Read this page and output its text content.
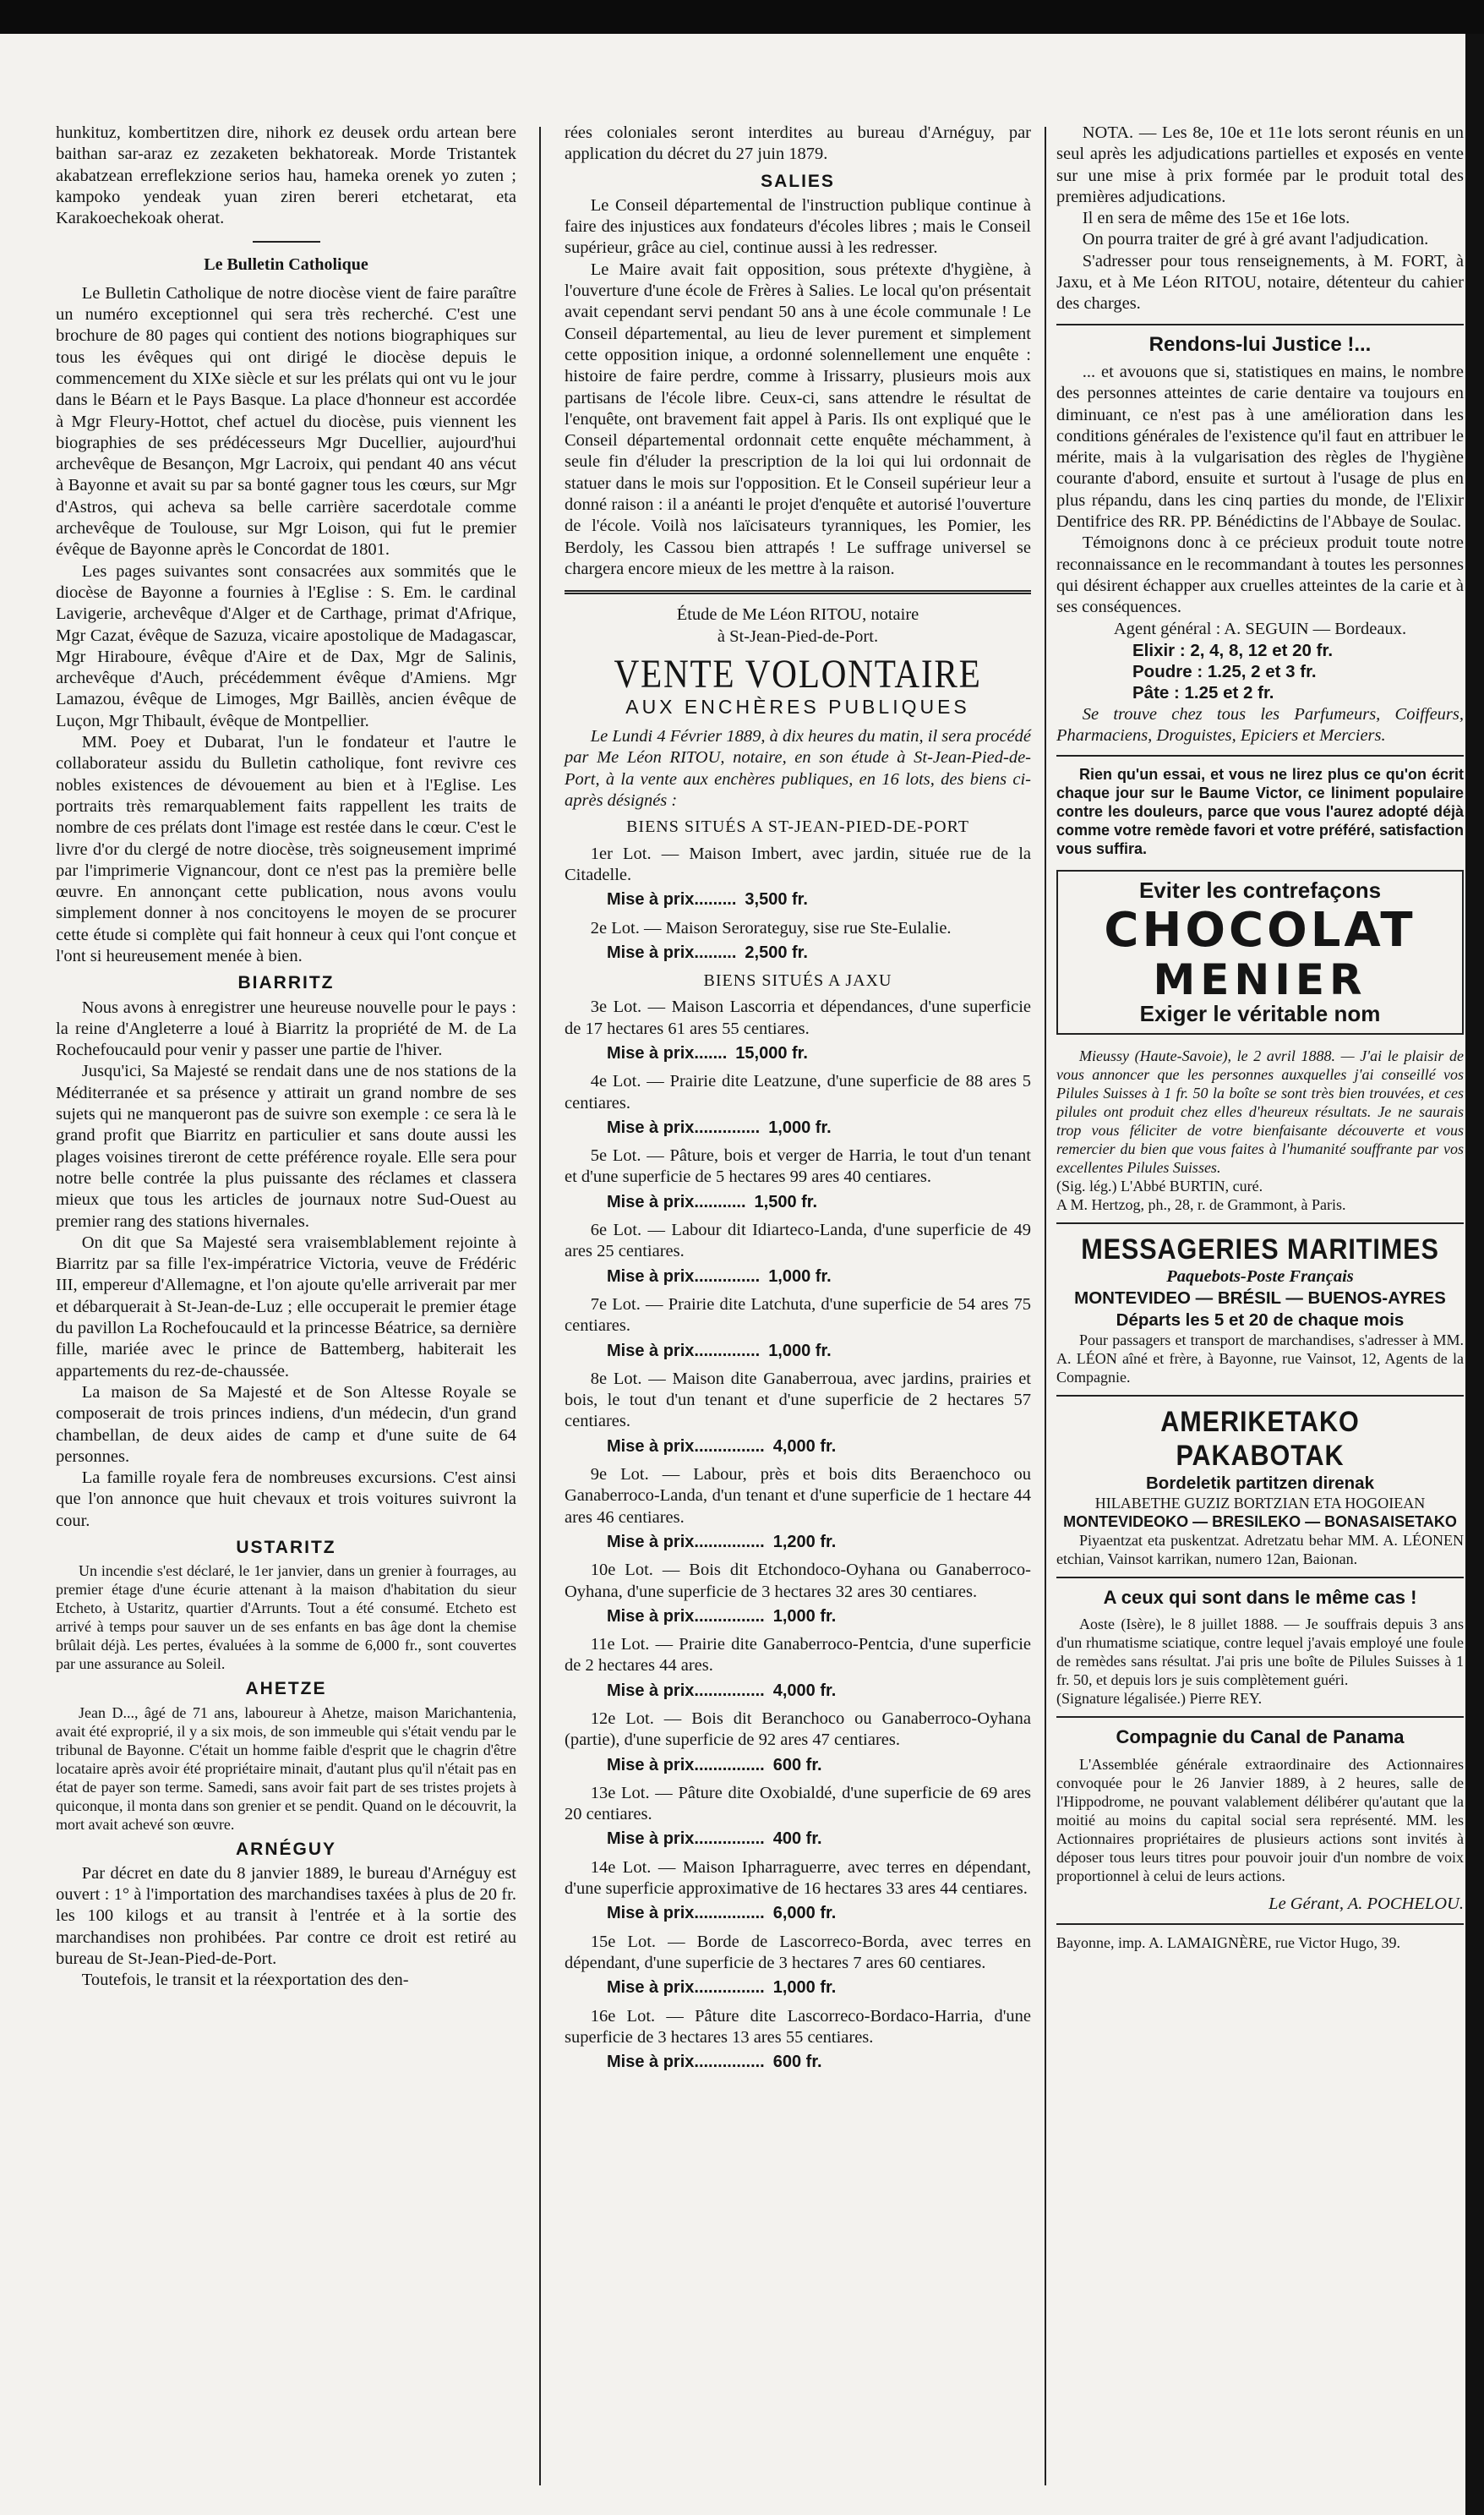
hunkituz, kombertitzen dire, nihork ez deusek ordu artean bere baithan sar-araz ez zezaketen bekhatoreak. Morde Tristantek akabatzean erreflekzione serios hau, hameka orenek yo zuten ; kampoko yendeak yuan ziren bereri etchetarat, eta Karakoechekoak oherat.

Le Bulletin Catholique

Le Bulletin Catholique de notre diocèse vient de faire paraître un numéro exceptionnel qui sera très recherché. C'est une brochure de 80 pages qui contient des notions biographiques sur tous les évêques qui ont dirigé le diocèse depuis le commencement du XIXe siècle et sur les prélats qui ont vu le jour dans le Béarn et le Pays Basque. La place d'honneur est accordée à Mgr Fleury-Hottot, chef actuel du diocèse, puis viennent les biographies de ses prédécesseurs Mgr Ducellier, aujourd'hui archevêque de Besançon, Mgr Lacroix, qui pendant 40 ans vécut à Bayonne et avait su par sa bonté gagner tous les cœurs, sur Mgr d'Astros, qui acheva sa belle carrière sacerdotale comme archevêque de Toulouse, sur Mgr Loison, qui fut le premier évêque de Bayonne après le Concordat de 1801.

Les pages suivantes sont consacrées aux sommités que le diocèse de Bayonne a fournies à l'Eglise : S. Em. le cardinal Lavigerie, archevêque d'Alger et de Carthage, primat d'Afrique, Mgr Cazat, évêque de Sazuza, vicaire apostolique de Madagascar, Mgr Hiraboure, évêque d'Aire et de Dax, Mgr de Salinis, archevêque d'Auch, précédemment évêque d'Amiens. Mgr Lamazou, évêque de Limoges, Mgr Baillès, ancien évêque de Luçon, Mgr Thibault, évêque de Montpellier.

MM. Poey et Dubarat, l'un le fondateur et l'autre le collaborateur assidu du Bulletin catholique, font revivre ces nobles existences de dévouement au bien et à l'Eglise. Les portraits très remarquablement faits rappellent les traits de nombre de ces prélats dont l'image est restée dans le cœur. C'est le livre d'or du clergé de notre diocèse, très soigneusement imprimé par l'imprimerie Vignancour, dont ce n'est pas la première belle œuvre. En annonçant cette publication, nous avons voulu simplement donner à nos concitoyens le moyen de se procurer cette étude si complète qui fait honneur à ceux qui l'ont conçue et l'ont si heureusement menée à bien.

BIARRITZ

Nous avons à enregistrer une heureuse nouvelle pour le pays : la reine d'Angleterre a loué à Biarritz la propriété de M. de La Rochefoucauld pour venir y passer une partie de l'hiver.

Jusqu'ici, Sa Majesté se rendait dans une de nos stations de la Méditerranée et sa présence y attirait un grand nombre de ses sujets qui ne manqueront pas de suivre son exemple : ce sera là le grand profit que Biarritz en particulier et sans doute aussi les plages voisines tireront de cette préférence royale. Elle sera pour notre belle contrée la plus puissante des réclames et classera mieux que tous les articles de journaux notre Sud-Ouest au premier rang des stations hivernales.

On dit que Sa Majesté sera vraisemblablement rejointe à Biarritz par sa fille l'ex-impératrice Victoria, veuve de Frédéric III, empereur d'Allemagne, et l'on ajoute qu'elle arriverait par mer et débarquerait à St-Jean-de-Luz ; elle occuperait le premier étage du pavillon La Rochefoucauld et la princesse Béatrice, sa dernière fille, mariée avec le prince de Battemberg, habiterait les appartements du rez-de-chaussée.

La maison de Sa Majesté et de Son Altesse Royale se composerait de trois princes indiens, d'un médecin, d'un grand chambellan, de deux aides de camp et d'une suite de 64 personnes.

La famille royale fera de nombreuses excursions. C'est ainsi que l'on annonce que huit chevaux et trois voitures suivront la cour.

USTARITZ

Un incendie s'est déclaré, le 1er janvier, dans un grenier à fourrages, au premier étage d'une écurie attenant à la maison d'habitation du sieur Etcheto, à Ustaritz, quartier d'Arrunts. Tout a été consumé. Etcheto est arrivé à temps pour sauver un de ses enfants en bas âge dont la chemise brûlait déjà. Les pertes, évaluées à la somme de 6,000 fr., sont couvertes par une assurance au Soleil.

AHETZE

Jean D..., âgé de 71 ans, laboureur à Ahetze, maison Marichantenia, avait été exproprié, il y a six mois, de son immeuble qui s'était vendu par le tribunal de Bayonne. C'était un homme faible d'esprit que le chagrin d'être locataire après avoir été propriétaire minait, d'autant plus qu'il n'était pas en état de payer son terme. Samedi, sans avoir fait part de ses tristes projets à quiconque, il monta dans son grenier et se pendit. Quand on le découvrit, la mort avait achevé son œuvre.

ARNÉGUY

Par décret en date du 8 janvier 1889, le bureau d'Arnéguy est ouvert : 1° à l'importation des marchandises taxées à plus de 20 fr. les 100 kilogs et au transit à l'entrée et à la sortie des marchandises non prohibées. Par contre ce droit est retiré au bureau de St-Jean-Pied-de-Port.

Toutefois, le transit et la réexportation des den-

rées coloniales seront interdites au bureau d'Arnéguy, par application du décret du 27 juin 1879.

SALIES

Le Conseil départemental de l'instruction publique continue à faire des injustices aux fondateurs d'écoles libres ; mais le Conseil supérieur, grâce au ciel, continue aussi à les redresser.

Le Maire avait fait opposition, sous prétexte d'hygiène, à l'ouverture d'une école de Frères à Salies. Le local qu'on présentait avait cependant servi pendant 50 ans à une école communale ! Le Conseil départemental, au lieu de lever purement et simplement cette opposition inique, a ordonné solennellement une enquête : histoire de faire perdre, comme à Irissarry, plusieurs mois aux partisans de l'école libre. Ceux-ci, sans attendre le résultat de l'enquête, ont bravement fait appel à Paris. Ils ont expliqué que le Conseil départemental ordonnait cette enquête méchamment, à seule fin d'éluder la prescription de la loi qui lui ordonnait de statuer dans le mois sur l'opposition. Et le Conseil supérieur leur a donné raison : il a anéanti le projet d'enquête et autorisé l'ouverture de l'école. Voilà nos laïcisateurs tyranniques, les Pomier, les Berdoly, les Cassou bien attrapés ! Le suffrage universel se chargera encore mieux de les mettre à la raison.

Étude de Me Léon RITOU, notaire

à St-Jean-Pied-de-Port.

VENTE VOLONTAIRE
AUX ENCHÈRES PUBLIQUES

Le Lundi 4 Février 1889, à dix heures du matin, il sera procédé par Me Léon RITOU, notaire, en son étude à St-Jean-Pied-de-Port, à la vente aux enchères publiques, en 16 lots, des biens ci-après désignés :

BIENS SITUÉS A ST-JEAN-PIED-DE-PORT

1er Lot. — Maison Imbert, avec jardin, située rue de la Citadelle.

Mise à prix......... 3,500 fr.

2e Lot. — Maison Serorateguy, sise rue Ste-Eulalie.

Mise à prix......... 2,500 fr.
BIENS SITUÉS A JAXU

3e Lot. — Maison Lascorria et dépendances, d'une superficie de 17 hectares 61 ares 55 centiares.

Mise à prix....... 15,000 fr.

4e Lot. — Prairie dite Leatzune, d'une superficie de 88 ares 5 centiares.

Mise à prix.............. 1,000 fr.

5e Lot. — Pâture, bois et verger de Harria, le tout d'un tenant et d'une superficie de 5 hectares 99 ares 40 centiares.

Mise à prix........... 1,500 fr.

6e Lot. — Labour dit Idiarteco-Landa, d'une superficie de 49 ares 25 centiares.

Mise à prix.............. 1,000 fr.

7e Lot. — Prairie dite Latchuta, d'une superficie de 54 ares 75 centiares.

Mise à prix.............. 1,000 fr.

8e Lot. — Maison dite Ganaberroua, avec jardins, prairies et bois, le tout d'un tenant et d'une superficie de 2 hectares 57 centiares.

Mise à prix............... 4,000 fr.

9e Lot. — Labour, près et bois dits Beraenchoco ou Ganaberroco-Landa, d'un tenant et d'une superficie de 1 hectare 44 ares 46 centiares.

Mise à prix............... 1,200 fr.

10e Lot. — Bois dit Etchondoco-Oyhana ou Ganaberroco-Oyhana, d'une superficie de 3 hectares 32 ares 30 centiares.

Mise à prix............... 1,000 fr.

11e Lot. — Prairie dite Ganaberroco-Pentcia, d'une superficie de 2 hectares 44 ares.

Mise à prix............... 4,000 fr.

12e Lot. — Bois dit Beranchoco ou Ganaberroco-Oyhana (partie), d'une superficie de 92 ares 47 centiares.

Mise à prix............... 600 fr.

13e Lot. — Pâture dite Oxobialdé, d'une superficie de 69 ares 20 centiares.

Mise à prix............... 400 fr.

14e Lot. — Maison Ipharraguerre, avec terres en dépendant, d'une superficie approximative de 16 hectares 33 ares 44 centiares.

Mise à prix............... 6,000 fr.

15e Lot. — Borde de Lascorreco-Borda, avec terres en dépendant, d'une superficie de 3 hectares 7 ares 60 centiares.

Mise à prix............... 1,000 fr.

16e Lot. — Pâture dite Lascorreco-Bordaco-Harria, d'une superficie de 3 hectares 13 ares 55 centiares.

Mise à prix............... 600 fr.

NOTA. — Les 8e, 10e et 11e lots seront réunis en un seul après les adjudications partielles et exposés en vente sur une mise à prix formée par le produit total des premières adjudications.

Il en sera de même des 15e et 16e lots.

On pourra traiter de gré à gré avant l'adjudication.

S'adresser pour tous renseignements, à M. FORT, à Jaxu, et à Me Léon RITOU, notaire, détenteur du cahier des charges.

Rendons-lui Justice !...

... et avouons que si, statistiques en mains, le nombre des personnes atteintes de carie dentaire va toujours en diminuant, ce n'est pas à une amélioration dans les conditions générales de l'existence qu'il faut en attribuer le mérite, mais à la vulgarisation des règles de l'hygiène courante d'abord, ensuite et surtout à l'usage de plus en plus répandu, dans les cinq parties du monde, de l'Elixir Dentifrice des RR. PP. Bénédictins de l'Abbaye de Soulac.

Témoignons donc à ce précieux produit toute notre reconnaissance en le recommandant à toutes les personnes qui désirent échapper aux cruelles atteintes de la carie et à ses conséquences.

Agent général : A. SEGUIN — Bordeaux.

Elixir : 2, 4, 8, 12 et 20 fr.
Poudre : 1.25, 2 et 3 fr.
Pâte : 1.25 et 2 fr.

Se trouve chez tous les Parfumeurs, Coiffeurs, Pharmaciens, Droguistes, Epiciers et Merciers.

Rien qu'un essai, et vous ne lirez plus ce qu'on écrit chaque jour sur le Baume Victor, ce liniment populaire contre les douleurs, parce que vous l'aurez adopté déjà comme votre remède favori et votre préféré, satisfaction vous suffira.

Eviter les contrefaçons
CHOCOLAT
MENIER
Exiger le véritable nom

Mieussy (Haute-Savoie), le 2 avril 1888. — J'ai le plaisir de vous annoncer que les personnes auxquelles j'ai conseillé vos Pilules Suisses à 1 fr. 50 la boîte se sont très bien trouvées, et ces pilules ont produit chez elles d'heureux résultats. Je ne saurais trop vous féliciter de votre bienfaisante découverte et vous remercier du bien que vous faites à l'humanité souffrante par vos excellentes Pilules Suisses.

(Sig. lég.) L'Abbé BURTIN, curé.

A M. Hertzog, ph., 28, r. de Grammont, à Paris.

MESSAGERIES MARITIMES
Paquebots-Poste Français
MONTEVIDEO — BRÉSIL — BUENOS-AYRES
Départs les 5 et 20 de chaque mois

Pour passagers et transport de marchandises, s'adresser à MM. A. LÉON aîné et frère, à Bayonne, rue Vainsot, 12, Agents de la Compagnie.

AMERIKETAKO PAKABOTAK
Bordeletik partitzen direnak
HILABETHE GUZIZ BORTZIAN ETA HOGOIEAN
MONTEVIDEOKO — BRESILEKO — BONASAISETAKO

Piyaentzat eta puskentzat. Adretzatu behar MM. A. LÉONEN etchian, Vainsot karrikan, numero 12an, Baionan.

A ceux qui sont dans le même cas !

Aoste (Isère), le 8 juillet 1888. — Je souffrais depuis 3 ans d'un rhumatisme sciatique, contre lequel j'avais employé une foule de remèdes sans résultat. J'ai pris une boîte de Pilules Suisses à 1 fr. 50, et depuis lors je suis complètement guéri.

(Signature légalisée.) Pierre REY.

Compagnie du Canal de Panama

L'Assemblée générale extraordinaire des Actionnaires convoquée pour le 26 Janvier 1889, à 2 heures, salle de l'Hippodrome, ne pouvant valablement délibérer qu'autant que la moitié au moins du capital social sera représenté. MM. les Actionnaires propriétaires de plusieurs actions sont invités à déposer tous leurs titres pour pouvoir jouir d'un nombre de voix proportionnel à celui de leurs actions.

Le Gérant, A. POCHELOU.

Bayonne, imp. A. LAMAIGNÈRE, rue Victor Hugo, 39.
